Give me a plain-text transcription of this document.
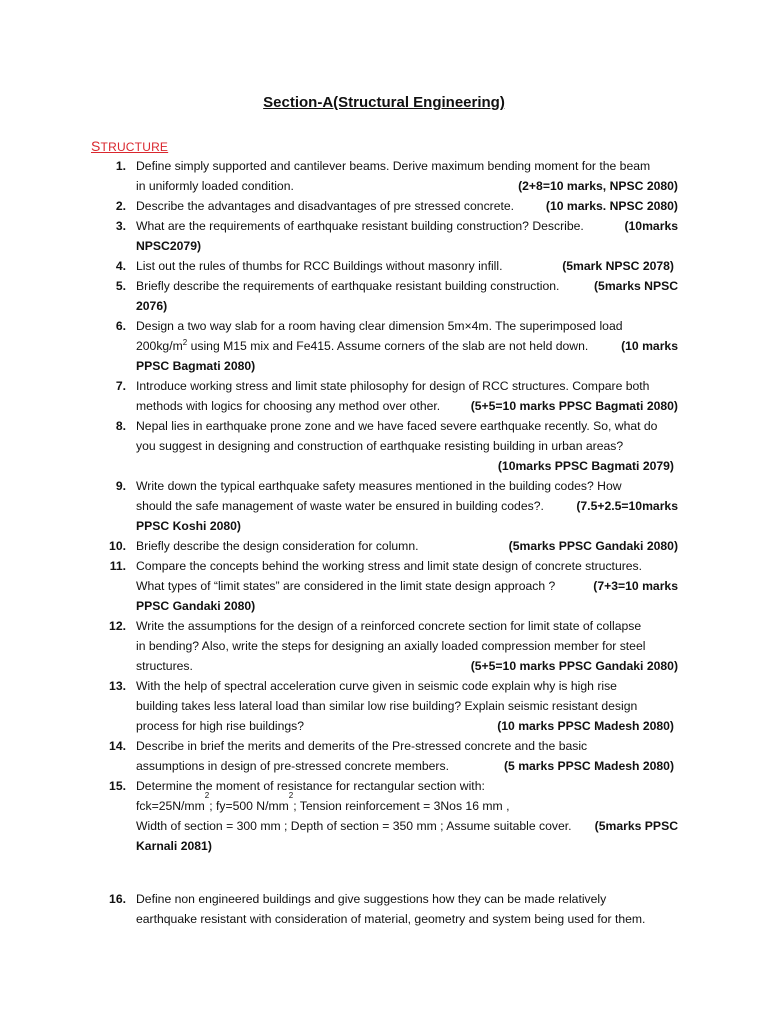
Section-A(Structural Engineering)
STRUCTURE
1. Define simply supported and cantilever beams. Derive maximum bending moment for the beam
in uniformly loaded condition.	(2+8=10 marks, NPSC 2080)
2. Describe the advantages and disadvantages of pre stressed concrete.	(10 marks. NPSC 2080)
3. What are the requirements of earthquake resistant building construction? Describe.	(10marks
NPSC2079)
4. List out the rules of thumbs for RCC Buildings without masonry infill.	(5mark NPSC 2078)
5. Briefly describe the requirements of earthquake resistant building construction.	(5marks NPSC
2076)
6. Design a two way slab for a room having clear dimension 5m×4m. The superimposed load
$200kg/m^2$ using M15 mix and Fe415. Assume corners of the slab are not held down.	(10 marks
PPSC Bagmati 2080)
7. Introduce working stress and limit state philosophy for design of RCC structures. Compare both
methods with logics for choosing any method over other.	(5+5=10 marks PPSC Bagmati 2080)
8. Nepal lies in earthquake prone zone and we have faced severe earthquake recently. So, what do
you suggest in designing and construction of earthquake resisting building in urban areas?
(10marks PPSC Bagmati 2079)
9. Write down the typical earthquake safety measures mentioned in the building codes? How
should the safe management of waste water be ensured in building codes?.	(7.5+2.5=10marks
PPSC Koshi 2080)
10. Briefly describe the design consideration for column.	(5marks PPSC Gandaki 2080)
11. Compare the concepts behind the working stress and limit state design of concrete structures.
What types of “limit states” are considered in the limit state design approach ?	(7+3=10 marks
PPSC Gandaki 2080)
12. Write the assumptions for the design of a reinforced concrete section for limit state of collapse
in bending? Also, write the steps for designing an axially loaded compression member for steel
structures.	(5+5=10 marks PPSC Gandaki 2080)
13. With the help of spectral acceleration curve given in seismic code explain why is high rise
building takes less lateral load than similar low rise building? Explain seismic resistant design
process for high rise buildings?	(10 marks PPSC Madesh 2080)
14. Describe in brief the merits and demerits of the Pre-stressed concrete and the basic
assumptions in design of pre-stressed concrete members.	(5 marks PPSC Madesh 2080)
15. Determine the moment of resistance for rectangular section with:
fck=25N/mm
2
; fy=500 N/mm
2
; Tension reinforcement = 3Nos 16 mm ,
Width of section = 300 mm ; Depth of section = 350 mm ; Assume suitable cover. (5marks PPSC
Karnali 2081)
16. Define non engineered buildings and give suggestions how they can be made relatively
earthquake resistant with consideration of material, geometry and system being used for them.
